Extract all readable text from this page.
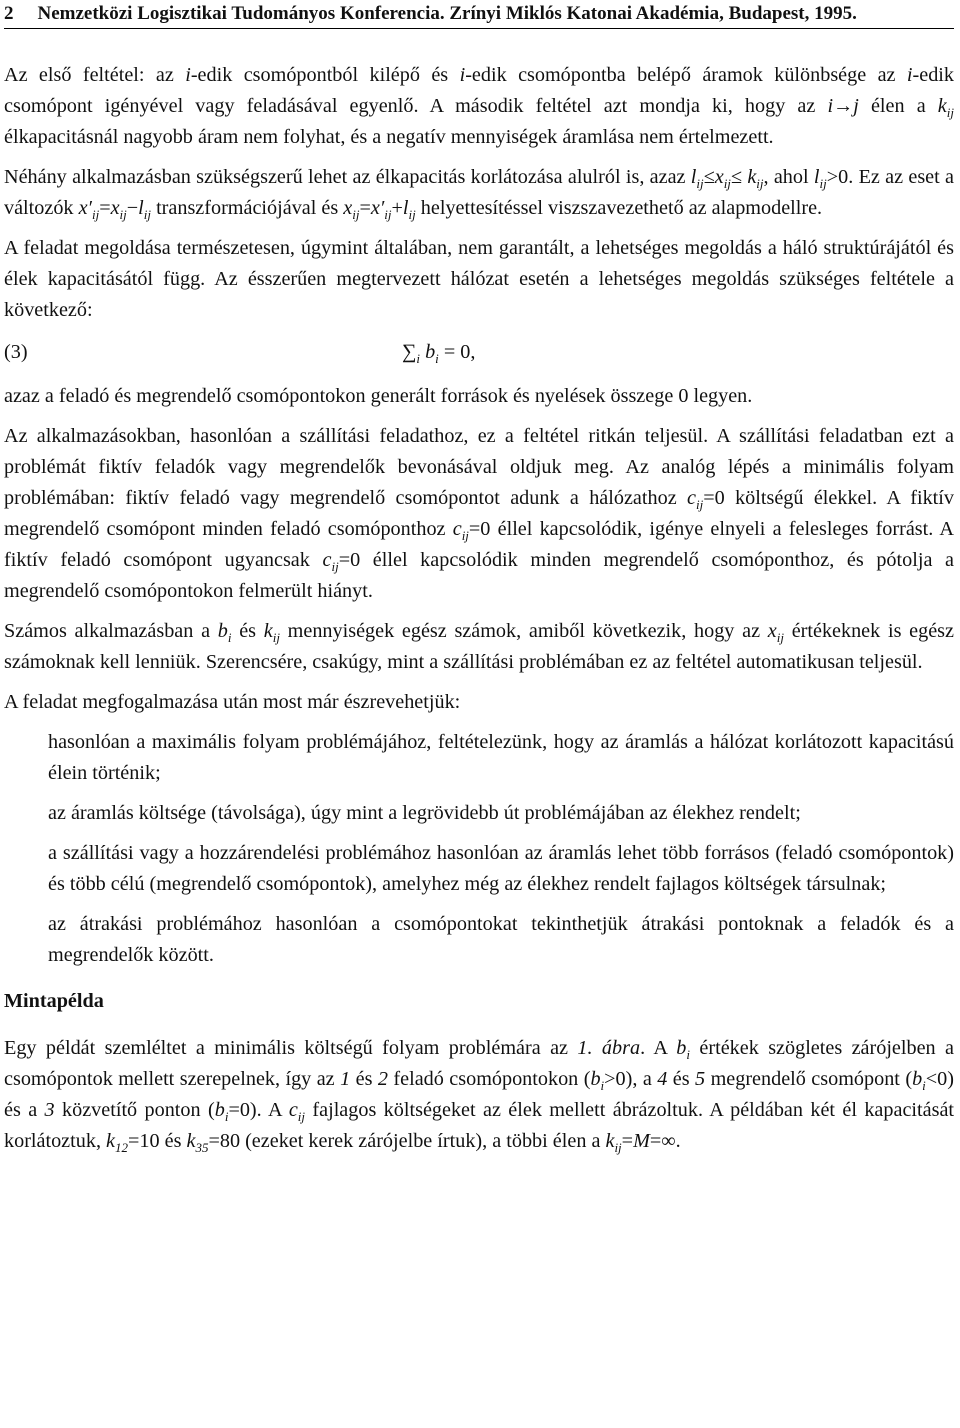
2 Nemzetközi Logisztikai Tudományos Konferencia. Zrínyi Miklós Katonai Akadémia, Budapest, 1995.

Az első feltétel: az i-edik csomópontból kilépő és i-edik csomópontba belépő áramok különbsége az i-edik csomópont igényével vagy feladásával egyenlő. A második feltétel azt mondja ki, hogy az i→j élen a $k_{ij}$ élkapacitásnál nagyobb áram nem folyhat, és a negatív mennyiségek áramlása nem értelmezett.

Néhány alkalmazásban szükségszerű lehet az élkapacitás korlátozása alulról is, azaz $l_{ij}\le x_{ij}\le k_{ij}$, ahol $l_{ij}>0$. Ez az eset a változók $x'_{ij}=x_{ij}-l_{ij}$ transzformációjával és $x_{ij}=x'_{ij}+l_{ij}$ helyettesítéssel viszszavezethető az alapmodellre.

A feladat megoldása természetesen, úgymint általában, nem garantált, a lehetséges megoldás a háló struktúrájától és élek kapacitásától függ. Az ésszerűen megtervezett hálózat esetén a lehetséges megoldás szükséges feltétele a következő:

(3)	$\sum_i$ $b_i = 0$,

azaz a feladó és megrendelő csomópontokon generált források és nyelések összege 0 legyen.

Az alkalmazásokban, hasonlóan a szállítási feladathoz, ez a feltétel ritkán teljesül. A szállítási feladatban ezt a problémát fiktív feladók vagy megrendelők bevonásával oldjuk meg. Az analóg lépés a minimális folyam problémában: fiktív feladó vagy megrendelő csomópontot adunk a hálózathoz $c_{ij}=0$ költségű élekkel. A fiktív megrendelő csomópont minden feladó csomóponthoz $c_{ij}=0$ éllel kapcsolódik, igénye elnyeli a felesleges forrást. A fiktív feladó csomópont ugyancsak $c_{ij}=0$ éllel kapcsolódik minden megrendelő csomóponthoz, és pótolja a megrendelő csomópontokon felmerült hiányt.

Számos alkalmazásban a $b_i$ és $k_{ij}$ mennyiségek egész számok, amiből következik, hogy az $x_{ij}$ értékeknek is egész számoknak kell lenniük. Szerencsére, csakúgy, mint a szállítási problémában ez az feltétel automatikusan teljesül.

A feladat megfogalmazása után most már észrevehetjük:

hasonlóan a maximális folyam problémájához, feltételezünk, hogy az áramlás a hálózat korlátozott kapacitású élein történik;

az áramlás költsége (távolsága), úgy mint a legrövidebb út problémájában az élekhez rendelt;

a szállítási vagy a hozzárendelési problémához hasonlóan az áramlás lehet több forrásos (feladó csomópontok) és több célú (megrendelő csomópontok), amelyhez még az élekhez rendelt fajlagos költségek társulnak;

az átrakási problémához hasonlóan a csomópontokat tekinthetjük átrakási pontoknak a feladók és a megrendelők között.

Mintapélda

Egy példát szemléltet a minimális költségű folyam problémára az 1. ábra. A $b_i$ értékek szögletes zárójelben a csomópontok mellett szerepelnek, így az 1 és 2 feladó csomópontokon $(b_i>0)$, a 4 és 5 megrendelő csomópont $(b_i<0)$ és a 3 közvetítő ponton $(b_i=0)$. A $c_{ij}$ fajlagos költségeket az élek mellett ábrázoltuk. A példában két él kapacitását korlátoztuk, $k_{12}=10$ és $k_{35}=80$ (ezeket kerek zárójelbe írtuk), a többi élen a $k_{ij}=M=\infty$.
